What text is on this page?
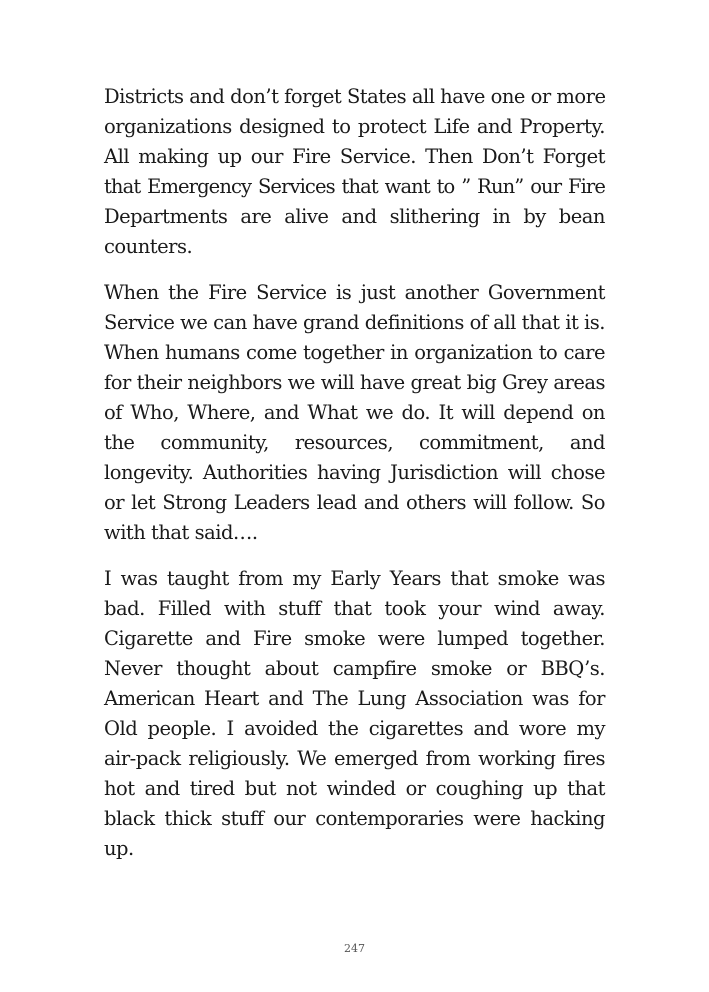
Districts and don’t forget States all have one or more
organizations designed to protect Life and Property.
All making up our Fire Service. Then Don’t Forget
that Emergency Services that want to ” Run” our Fire
Departments are alive and slithering in by bean
counters.

When the Fire Service is just another Government
Service we can have grand definitions of all that it is.
When humans come together in organization to care
for their neighbors we will have great big Grey areas
of Who, Where, and What we do. It will depend on
the community, resources, commitment, and
longevity. Authorities having Jurisdiction will chose
or let Strong Leaders lead and others will follow. So
with that said….

I was taught from my Early Years that smoke was
bad. Filled with stuff that took your wind away.
Cigarette and Fire smoke were lumped together.
Never thought about campfire smoke or BBQ’s.
American Heart and The Lung Association was for
Old people. I avoided the cigarettes and wore my
air-pack religiously. We emerged from working fires
hot and tired but not winded or coughing up that
black thick stuff our contemporaries were hacking
up.

247
